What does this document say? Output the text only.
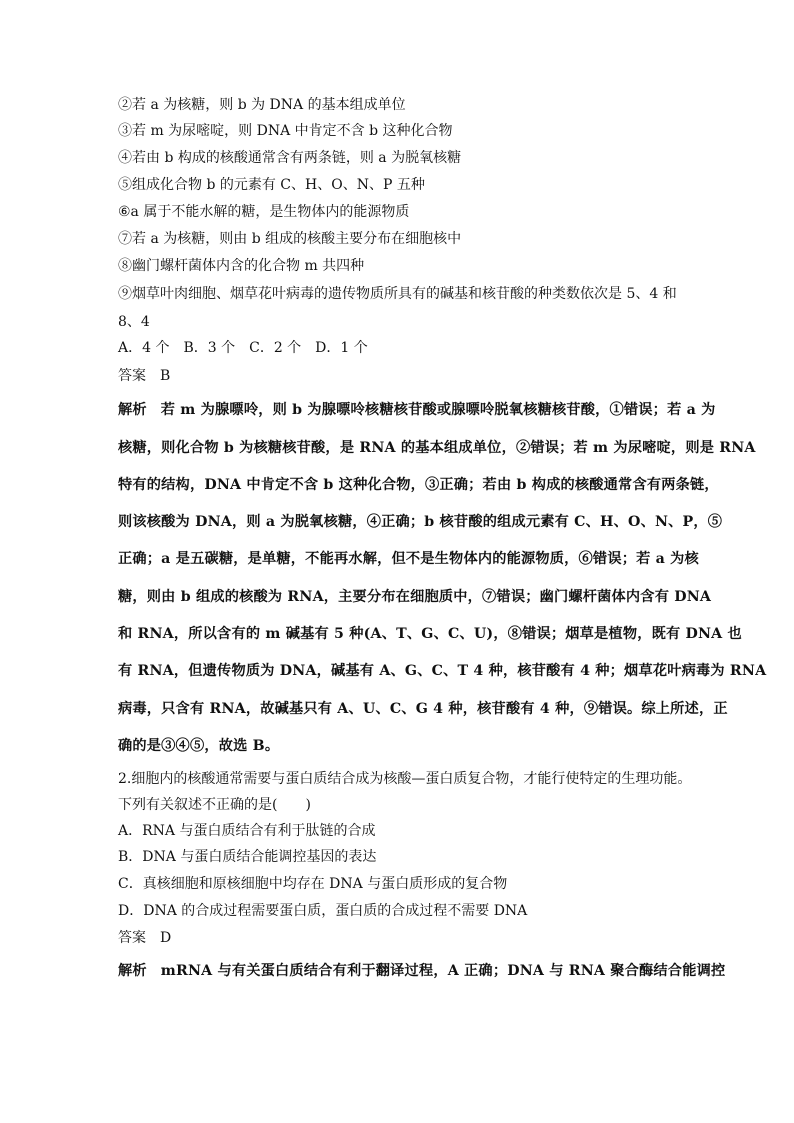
②若 a 为核糖，则 b 为 DNA 的基本组成单位
③若 m 为尿嘧啶，则 DNA 中肯定不含 b 这种化合物
④若由 b 构成的核酸通常含有两条链，则 a 为脱氧核糖
⑤组成化合物 b 的元素有 C、H、O、N、P 五种
⑥a 属于不能水解的糖，是生物体内的能源物质
⑦若 a 为核糖，则由 b 组成的核酸主要分布在细胞核中
⑧幽门螺杆菌体内含的化合物 m 共四种
⑨烟草叶肉细胞、烟草花叶病毒的遗传物质所具有的碱基和核苷酸的种类数依次是 5、4 和
8、4
A．4 个　B．3 个　C．2 个　D．1 个
答案 B
解析 若 m 为腺嘌呤，则 b 为腺嘌呤核糖核苷酸或腺嘌呤脱氧核糖核苷酸，①错误；若 a 为
核糖，则化合物 b 为核糖核苷酸，是 RNA 的基本组成单位，②错误；若 m 为尿嘧啶，则是 RNA
特有的结构，DNA 中肯定不含 b 这种化合物，③正确；若由 b 构成的核酸通常含有两条链，
则该核酸为 DNA，则 a 为脱氧核糖，④正确；b 核苷酸的组成元素有 C、H、O、N、P，⑤
正确；a 是五碳糖，是单糖，不能再水解，但不是生物体内的能源物质，⑥错误；若 a 为核
糖，则由 b 组成的核酸为 RNA，主要分布在细胞质中，⑦错误；幽门螺杆菌体内含有 DNA
和 RNA，所以含有的 m 碱基有 5 种(A、T、G、C、U)，⑧错误；烟草是植物，既有 DNA 也
有 RNA，但遗传物质为 DNA，碱基有 A、G、C、T 4 种，核苷酸有 4 种；烟草花叶病毒为 RNA
病毒，只含有 RNA，故碱基只有 A、U、C、G 4 种，核苷酸有 4 种，⑨错误。综上所述，正
确的是③④⑤，故选 B。
2.细胞内的核酸通常需要与蛋白质结合成为核酸—蛋白质复合物，才能行使特定的生理功能。
下列有关叙述不正确的是(　　)
A．RNA 与蛋白质结合有利于肽链的合成
B．DNA 与蛋白质结合能调控基因的表达
C．真核细胞和原核细胞中均存在 DNA 与蛋白质形成的复合物
D．DNA 的合成过程需要蛋白质，蛋白质的合成过程不需要 DNA
答案 D
解析 mRNA 与有关蛋白质结合有利于翻译过程，A 正确；DNA 与 RNA 聚合酶结合能调控
